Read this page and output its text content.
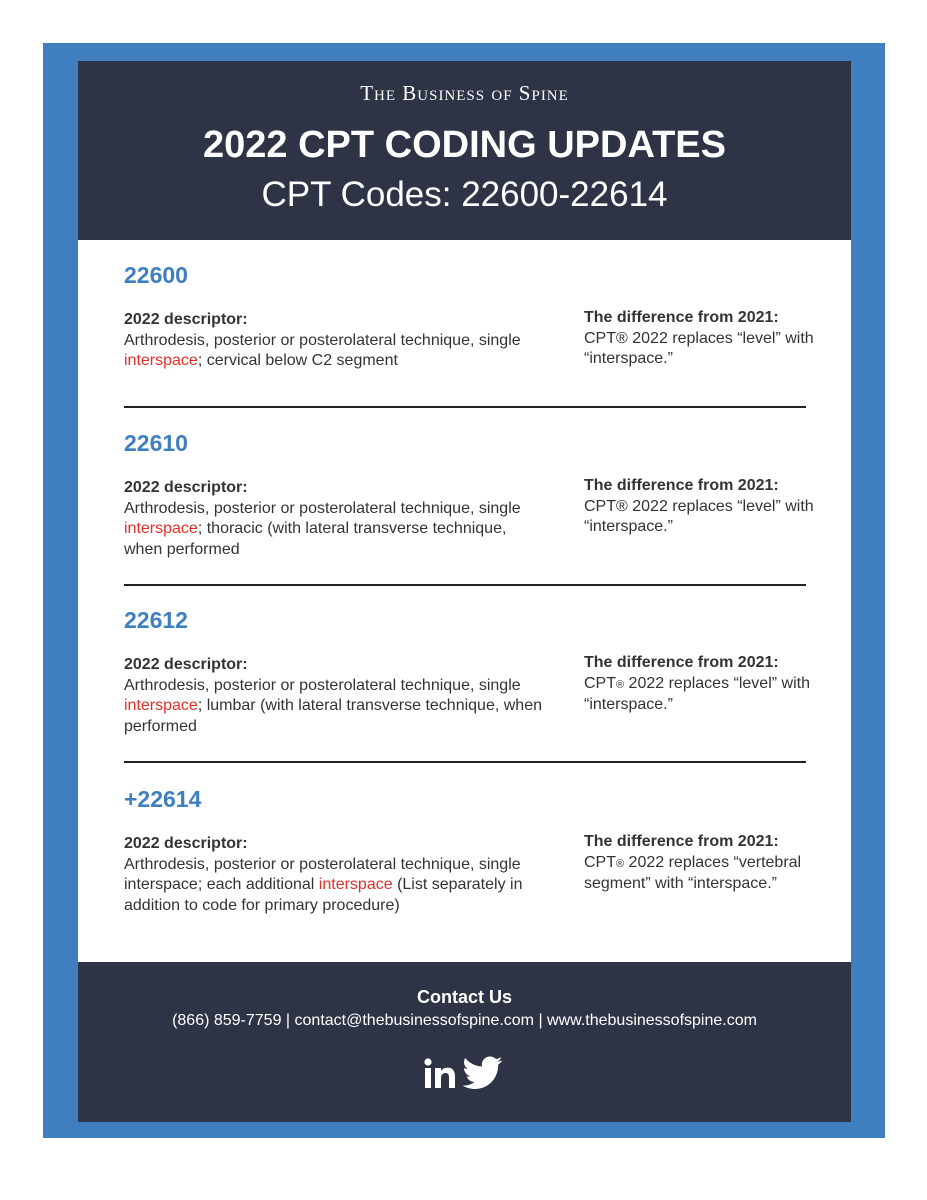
The Business of Spine
2022 CPT CODING UPDATES
CPT Codes: 22600-22614
22600
2022 descriptor:
Arthrodesis, posterior or posterolateral technique, single interspace; cervical below C2 segment
The difference from 2021:
CPT® 2022 replaces “level” with “interspace.”
22610
2022 descriptor:
Arthrodesis, posterior or posterolateral technique, single interspace; thoracic (with lateral transverse technique, when performed
The difference from 2021:
CPT® 2022 replaces “level” with “interspace.”
22612
2022 descriptor:
Arthrodesis, posterior or posterolateral technique, single interspace; lumbar (with lateral transverse technique, when performed
The difference from 2021:
CPT® 2022 replaces “level” with “interspace.”
+22614
2022 descriptor:
Arthrodesis, posterior or posterolateral technique, single interspace; each additional interspace (List separately in addition to code for primary procedure)
The difference from 2021:
CPT® 2022 replaces “vertebral segment” with “interspace.”
Contact Us
(866) 859-7759 | contact@thebusinessofspine.com | www.thebusinessofspine.com
